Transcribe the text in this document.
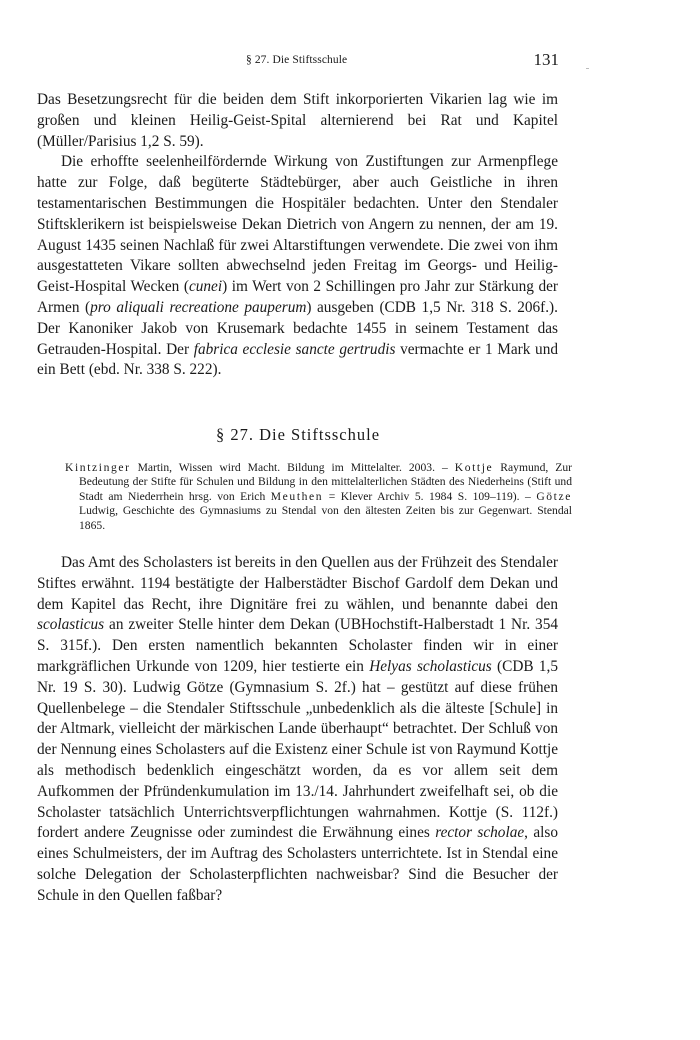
§ 27. Die Stiftsschule	131

Das Besetzungsrecht für die beiden dem Stift inkorporierten Vikarien lag wie im großen und kleinen Heilig-Geist-Spital alternierend bei Rat und Kapitel (Müller/Parisius 1,2 S. 59).

Die erhoffte seelenheilfördernde Wirkung von Zustiftungen zur Armenpflege hatte zur Folge, daß begüterte Städtebürger, aber auch Geistliche in ihren testamentarischen Bestimmungen die Hospitäler bedachten. Unter den Stendaler Stiftsklerikern ist beispielsweise Dekan Dietrich von Angern zu nennen, der am 19. August 1435 seinen Nachlaß für zwei Altarstiftungen verwendete. Die zwei von ihm ausgestatteten Vikare sollten abwechselnd jeden Freitag im Georgs- und Heilig-Geist-Hospital Wecken (cunei) im Wert von 2 Schillingen pro Jahr zur Stärkung der Armen (pro aliquali recreatione pauperum) ausgeben (CDB 1,5 Nr. 318 S. 206f.). Der Kanoniker Jakob von Krusemark bedachte 1455 in seinem Testament das Getrauden-Hospital. Der fabrica ecclesie sancte gertrudis vermachte er 1 Mark und ein Bett (ebd. Nr. 338 S. 222).

§ 27. Die Stiftsschule
Kintzinger Martin, Wissen wird Macht. Bildung im Mittelalter. 2003. – Kottje Raymund, Zur Bedeutung der Stifte für Schulen und Bildung in den mittelalterlichen Städten des Niederheins (Stift und Stadt am Niederrhein hrsg. von Erich Meuthen = Klever Archiv 5. 1984 S. 109–119). – Götze Ludwig, Geschichte des Gymnasiums zu Stendal von den ältesten Zeiten bis zur Gegenwart. Stendal 1865.
Das Amt des Scholasters ist bereits in den Quellen aus der Frühzeit des Stendaler Stiftes erwähnt. 1194 bestätigte der Halberstädter Bischof Gardolf dem Dekan und dem Kapitel das Recht, ihre Dignitäre frei zu wählen, und benannte dabei den scolasticus an zweiter Stelle hinter dem Dekan (UBHochstift-Halberstadt 1 Nr. 354 S. 315f.). Den ersten namentlich bekannten Scholaster finden wir in einer markgräflichen Urkunde von 1209, hier testierte ein Helyas scholasticus (CDB 1,5 Nr. 19 S. 30). Ludwig Götze (Gymnasium S. 2f.) hat – gestützt auf diese frühen Quellenbelege – die Stendaler Stiftsschule „unbedenklich als die älteste [Schule] in der Altmark, vielleicht der märkischen Lande überhaupt“ betrachtet. Der Schluß von der Nennung eines Scholasters auf die Existenz einer Schule ist von Raymund Kottje als methodisch bedenklich eingeschätzt worden, da es vor allem seit dem Aufkommen der Pfründenkumulation im 13./14. Jahrhundert zweifelhaft sei, ob die Scholaster tatsächlich Unterrichtsverpflichtungen wahrnahmen. Kottje (S. 112f.) fordert andere Zeugnisse oder zumindest die Erwähnung eines rector scholae, also eines Schulmeisters, der im Auftrag des Scholasters unterrichtete. Ist in Stendal eine solche Delegation der Scholasterpflichten nachweisbar? Sind die Besucher der Schule in den Quellen faßbar?
